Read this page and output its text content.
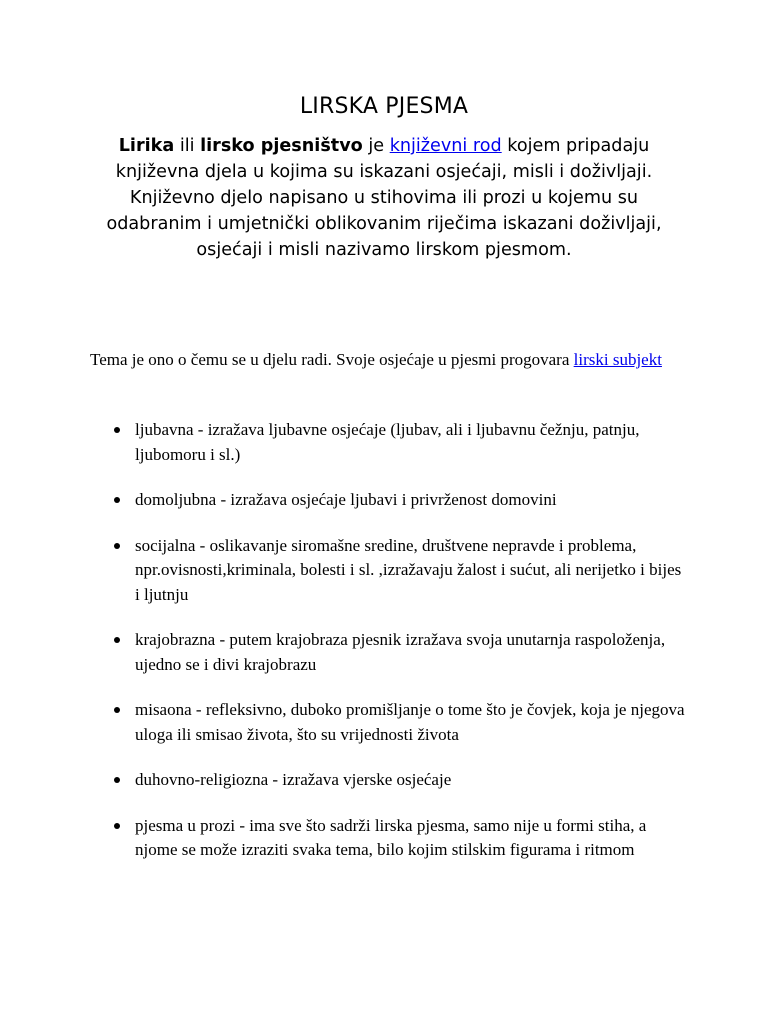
LIRSKA PJESMA
Lirika ili lirsko pjesništvo je književni rod kojem pripadaju književna djela u kojima su iskazani osjećaji, misli i doživljaji. Književno djelo napisano u stihovima ili prozi u kojemu su odabranim i umjetnički oblikovanim riječima iskazani doživljaji, osjećaji i misli nazivamo lirskom pjesmom.
Tema je ono o čemu se u djelu radi. Svoje osjećaje u pjesmi progovara lirski subjekt
ljubavna - izražava ljubavne osjećaje (ljubav, ali i ljubavnu čežnju, patnju, ljubomoru i sl.)
domoljubna - izražava osjećaje ljubavi i privrženost domovini
socijalna - oslikavanje siromašne sredine, društvene nepravde i problema, npr.ovisnosti,kriminala, bolesti i sl. ,izražavaju žalost i sućut, ali nerijetko i bijes i ljutnju
krajobrazna - putem krajobraza pjesnik izražava svoja unutarnja raspoloženja, ujedno se i divi krajobrazu
misaona - refleksivno, duboko promišljanje o tome što je čovjek, koja je njegova uloga ili smisao života, što su vrijednosti života
duhovno-religiozna - izražava vjerske osjećaje
pjesma u prozi - ima sve što sadrži lirska pjesma, samo nije u formi stiha, a njome se može izraziti svaka tema, bilo kojim stilskim figurama i ritmom
